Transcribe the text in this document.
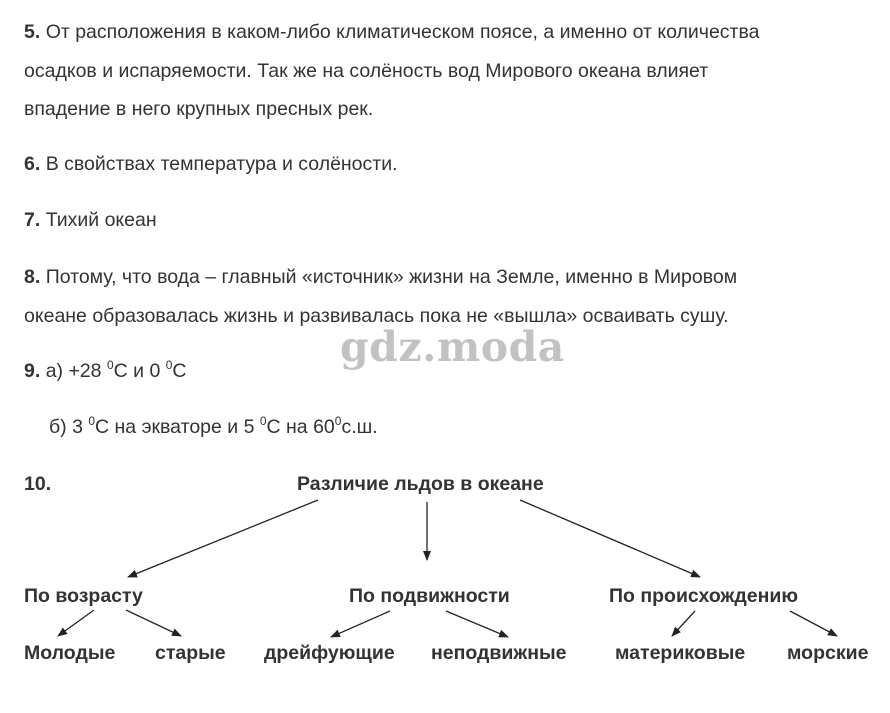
5. От расположения в каком-либо климатическом поясе, а именно от количества
осадков и испаряемости. Так же на солёность вод Мирового океана влияет
впадение в него крупных пресных рек.
6. В свойствах температура и солёности.
7. Тихий океан
8. Потому, что вода – главный «источник» жизни на Земле, именно в Мировом
океане образовалась жизнь и развивалась пока не «вышла» осваивать сушу.
gdz.moda
9. а) +28 $^0$С и 0 $^0$С
б) 3 $^0$С на экваторе и 5 $^0$С на $60^0с.ш$.
10.	Различие льдов в океане
По возрасту	По подвижности	По происхождению
Молодые старые дрейфующие неподвижные материковые морские
